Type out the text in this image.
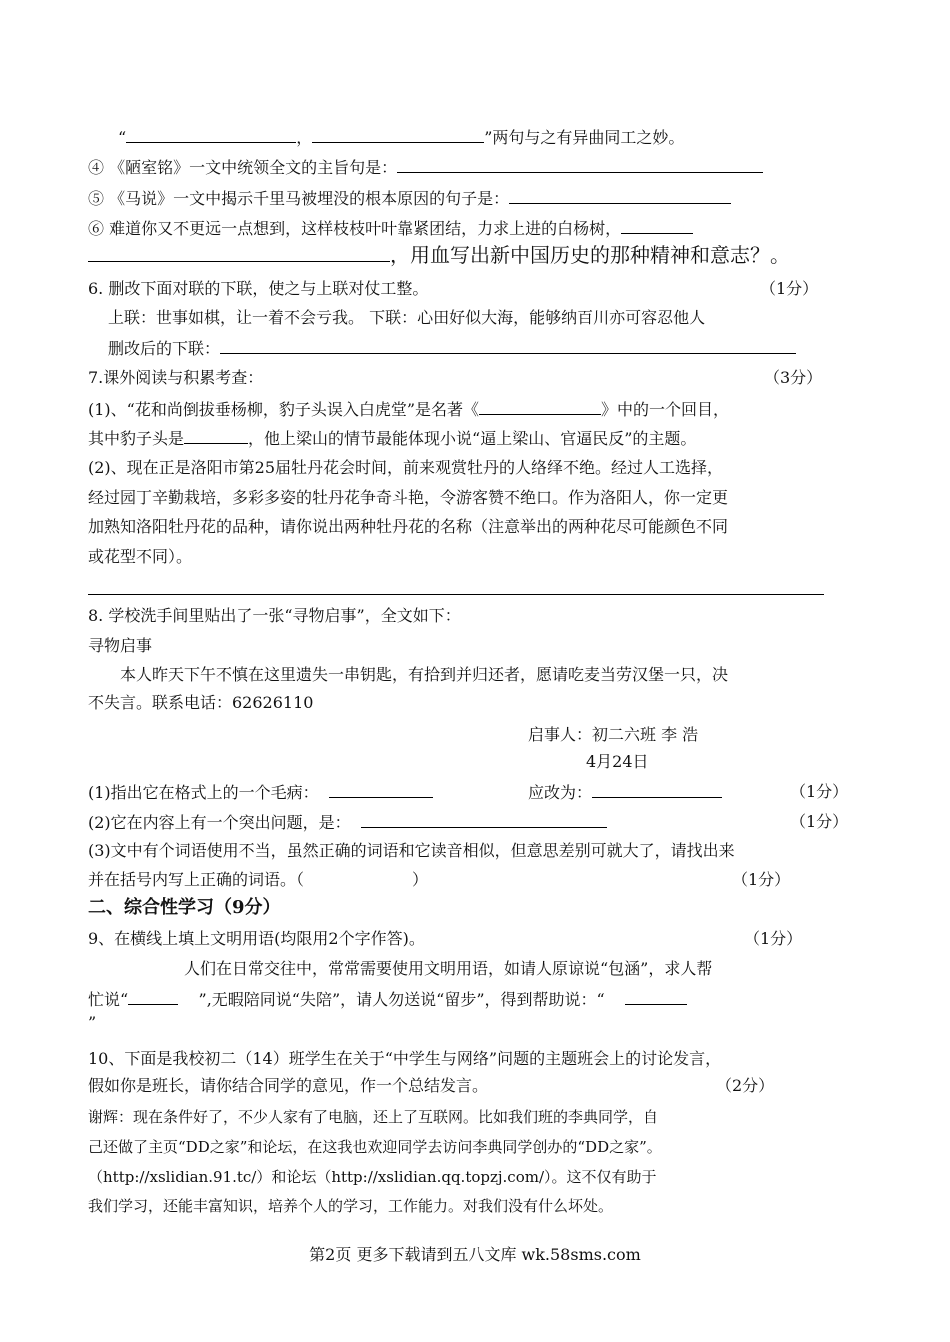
“	，	”两句与之有异曲同工之妙。
④ 《陋室铭》一文中统领全文的主旨句是：
⑤ 《马说》一文中揭示千里马被埋没的根本原因的句子是：
⑥ 难道你又不更远一点想到，这样枝枝叶叶靠紧团结，力求上进的白杨树，
，用血写出新中国历史的那种精神和意志？。
6. 删改下面对联的下联，使之与上联对仗工整。	（1分）
上联：世事如棋，让一着不会亏我。 下联：心田好似大海，能够纳百川亦可容忍他人
删改后的下联：
7.课外阅读与积累考查：	（3分）
(1)、“花和尚倒拔垂杨柳，豹子头误入白虎堂”是名著《	》中的一个回目，
其中豹子头是	，他上梁山的情节最能体现小说“逼上梁山、官逼民反”的主题。
(2)、现在正是洛阳市第25届牡丹花会时间，前来观赏牡丹的人络绎不绝。经过人工选择，
经过园丁辛勤栽培，多彩多姿的牡丹花争奇斗艳，令游客赞不绝口。作为洛阳人，你一定更
加熟知洛阳牡丹花的品种，请你说出两种牡丹花的名称（注意举出的两种花尽可能颜色不同
或花型不同）。
8. 学校洗手间里贴出了一张“寻物启事”，全文如下：
寻物启事
本人昨天下午不慎在这里遗失一串钥匙，有拾到并归还者，愿请吃麦当劳汉堡一只，决
不失言。联系电话：62626110
启事人：初二六班 李 浩
4月24日
(1)指出它在格式上的一个毛病：	应改为：	（1分）
(2)它在内容上有一个突出问题，是：	（1分）
(3)文中有个词语使用不当，虽然正确的词语和它读音相似，但意思差别可就大了，请找出来
并在括号内写上正确的词语。（	）	（1分）
二、综合性学习（9分）
9、在横线上填上文明用语(均限用2个字作答)。	（1分）
人们在日常交往中，常常需要使用文明用语，如请人原谅说“包涵”，求人帮
忙说“	”,无暇陪同说“失陪”，请人勿送说“留步”，得到帮助说：“
”
10、下面是我校初二（14）班学生在关于“中学生与网络”问题的主题班会上的讨论发言，
假如你是班长，请你结合同学的意见，作一个总结发言。	（2分）
谢辉：现在条件好了，不少人家有了电脑，还上了互联网。比如我们班的李典同学，自
己还做了主页“DD之家”和论坛，在这我也欢迎同学去访问李典同学创办的“DD之家”。
（http://xslidian.91.tc/）和论坛（http://xslidian.qq.topzj.com/）。这不仅有助于
我们学习，还能丰富知识，培养个人的学习，工作能力。对我们没有什么坏处。
第2页 更多下载请到五八文库 wk.58sms.com
